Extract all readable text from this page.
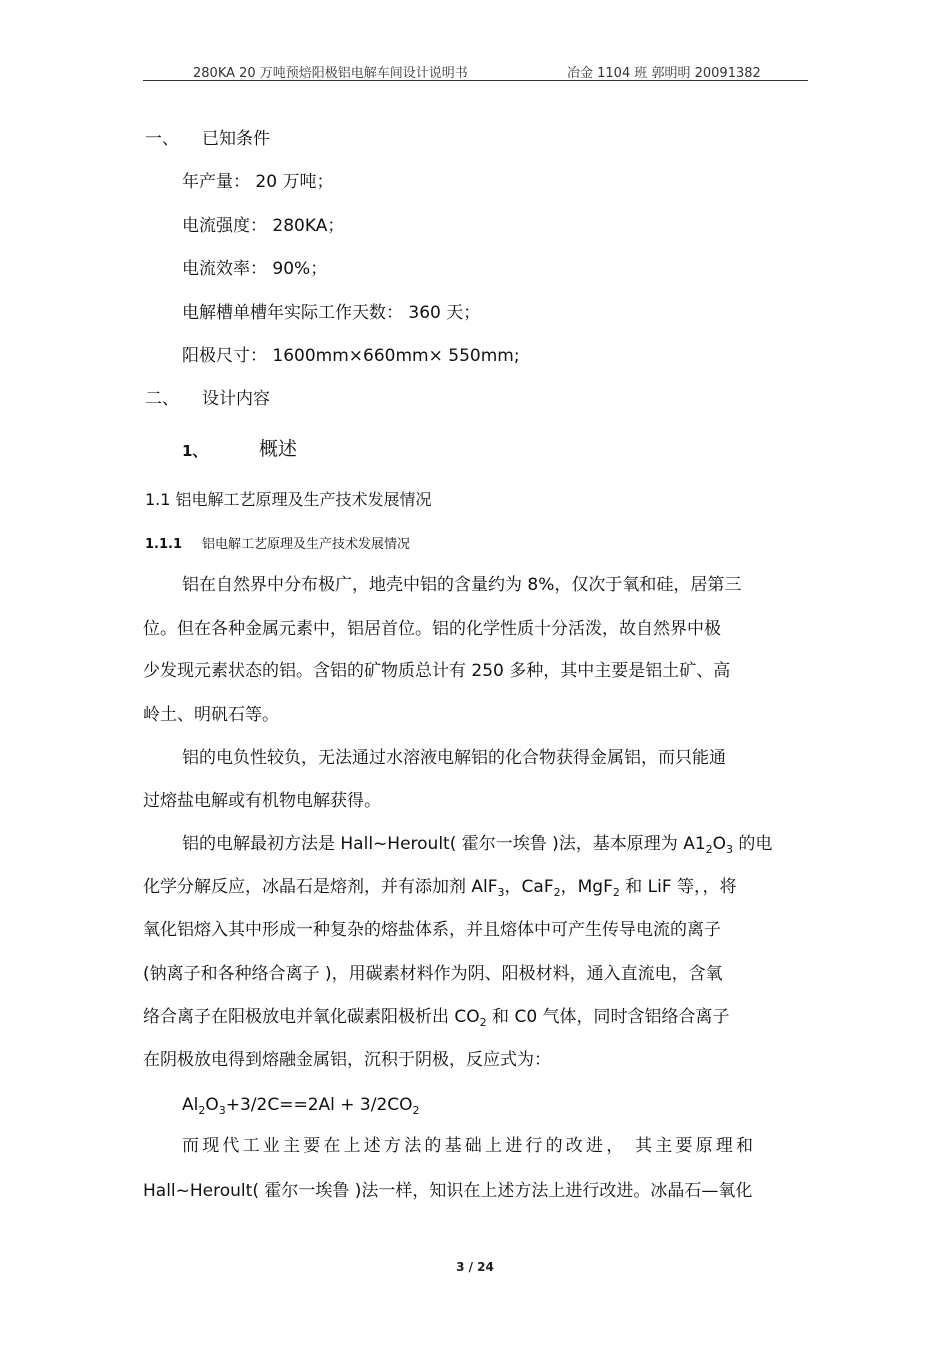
280KA 20 万吨预焙阳极铝电解车间设计说明书	冶金 1104 班 郭明明 20091382
一、 已知条件
年产量： 20 万吨；
电流强度： 280KA；
电流效率： 90%；
电解槽单槽年实际工作天数： 360 天；
阳极尺寸： 1600mm×660mm× 550mm;
二、 设计内容
1、	概述
1.1 铝电解工艺原理及生产技术发展情况
1.1.1 铝电解工艺原理及生产技术发展情况
铝在自然界中分布极广，地壳中铝的含量约为 8%，仅次于氧和硅，居第三
位。但在各种金属元素中，铝居首位。铝的化学性质十分活泼，故自然界中极
少发现元素状态的铝。含铝的矿物质总计有 250 多种，其中主要是铝土矿、高
岭土、明矾石等。
铝的电负性较负，无法通过水溶液电解铝的化合物获得金属铝，而只能通
过熔盐电解或有机物电解获得。
铝的电解最初方法是 Hall~Heroult( 霍尔一埃鲁 )法，基本原理为 $A1_2O_3$ 的电
化学分解反应，冰晶石是熔剂，并有添加剂 AlF$_3$，CaF$_2$，MgF$_2$ 和 LiF 等，，将
氧化铝熔入其中形成一种复杂的熔盐体系，并且熔体中可产生传导电流的离子
(钠离子和各种络合离子 )，用碳素材料作为阴、阳极材料，通入直流电，含氧
络合离子在阳极放电并氧化碳素阳极析出 $CO_2$ 和 C0 气体，同时含铝络合离子
在阴极放电得到熔融金属铝，沉积于阴极，反应式为：
$Al_2O_3+3/2C==2Al + 3/2CO_2$
而现代工业主要在上述方法的基础上进行的改进， 其主要原理和
Hall~Heroult( 霍尔一埃鲁 )法一样，知识在上述方法上进行改进。冰晶石—氧化
3 / 24
